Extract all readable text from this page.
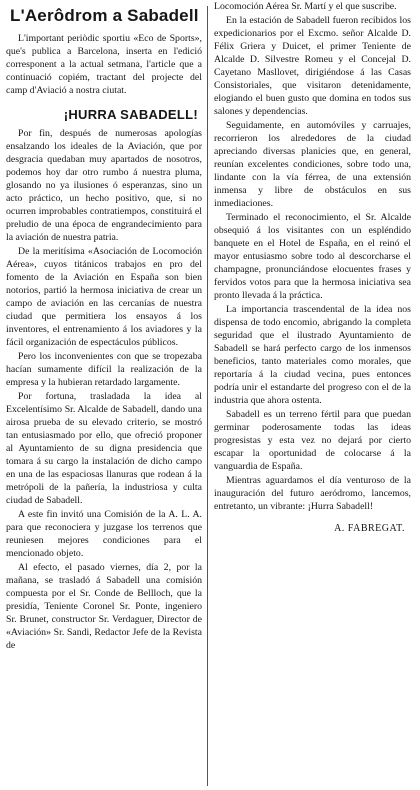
L'Aerôdrom a Sabadell

L'important periòdic sportiu «Eco de Sports», que's publica a Barcelona, inserta en l'edició corresponent a la actual setmana, l'article que a continuació copiém, tractant del projecte del camp d'Aviació a nostra ciutat.

¡HURRA SABADELL!

Por fin, después de numerosas apologías ensalzando los ideales de la Aviación, que por desgracia quedaban muy apartados de nosotros, podemos hoy dar otro rumbo á nuestra pluma, glosando no ya ilusiones ó esperanzas, sino un acto práctico, un hecho positivo, que, si no ocurren improbables contratiempos, constituirá el preludio de una época de engrandecimiento para la aviación de nuestra patria.

De la meritísima «Asociación de Locomoción Aérea», cuyos titánicos trabajos en pro del fomento de la Aviación en España son bien notorios, partió la hermosa iniciativa de crear un campo de aviación en las cercanías de nuestra ciudad que permitiera los ensayos á los inventores, el entrenamiento á los aviadores y la fácil organización de espectáculos públicos.

Pero los inconvenientes con que se tropezaba hacían sumamente difícil la realización de la empresa y la hubieran retardado largamente.

Por fortuna, trasladada la idea al Excelentísimo Sr. Alcalde de Sabadell, dando una airosa prueba de su elevado criterio, se mostró tan entusiasmado por ello, que ofreció proponer al Ayuntamiento de su digna presidencia que tomara á su cargo la instalación de dicho campo en una de las espaciosas llanuras que rodean á la metrópoli de la pañería, la industriosa y culta ciudad de Sabadell.

A este fin invitó una Comisión de la A. L. A. para que reconociera y juzgase los terrenos que reuniesen mejores condiciones para el mencionado objeto.

Al efecto, el pasado viernes, día 2, por la mañana, se trasladó á Sabadell una comisión compuesta por el Sr. Conde de Bellloch, que la presidía, Teniente Coronel Sr. Ponte, ingeniero Sr. Brunet, constructor Sr. Verdaguer, Director de «Aviación» Sr. Sandi, Redactor Jefe de la Revista de

Locomoción Aérea Sr. Martí y el que suscribe.

En la estación de Sabadell fueron recibidos los expedicionarios por el Excmo. señor Alcalde D. Félix Griera y Duicet, el primer Teniente de Alcalde D. Silvestre Romeu y el Concejal D. Cayetano Masllovet, dirigiéndose á las Casas Consistoriales, que visitaron detenidamente, elogiando el buen gusto que domina en todos sus salones y dependencias.

Seguidamente, en automóviles y carruajes, recorrieron los alrededores de la ciudad apreciando diversas planicies que, en general, reunían excelentes condiciones, sobre todo una, lindante con la vía férrea, de una extensión inmensa y libre de obstáculos en sus inmediaciones.

Terminado el reconocimiento, el Sr. Alcalde obsequió á los visitantes con un espléndido banquete en el Hotel de España, en el reinó el mayor entusiasmo sobre todo al descorcharse el champagne, pronunciándose elocuentes frases y fervidos votos para que la hermosa iniciativa sea pronto llevada á la práctica.

La importancia trascendental de la idea nos dispensa de todo encomio, abrigando la completa seguridad que el ilustrado Ayuntamiento de Sabadell se hará perfecto cargo de los inmensos beneficios, tanto materiales como morales, que reportaría á la ciudad vecina, pues entonces podría unir el estandarte del progreso con el de la industria que ahora ostenta.

Sabadell es un terreno fértil para que puedan germinar poderosamente todas las ideas progresistas y esta vez no dejará por cierto escapar la oportunidad de colocarse á la vanguardia de España.

Mientras aguardamos el día venturoso de la inauguración del futuro aeródromo, lancemos, entretanto, un vibrante: ¡Hurra Sabadell!

A. FABREGAT.
